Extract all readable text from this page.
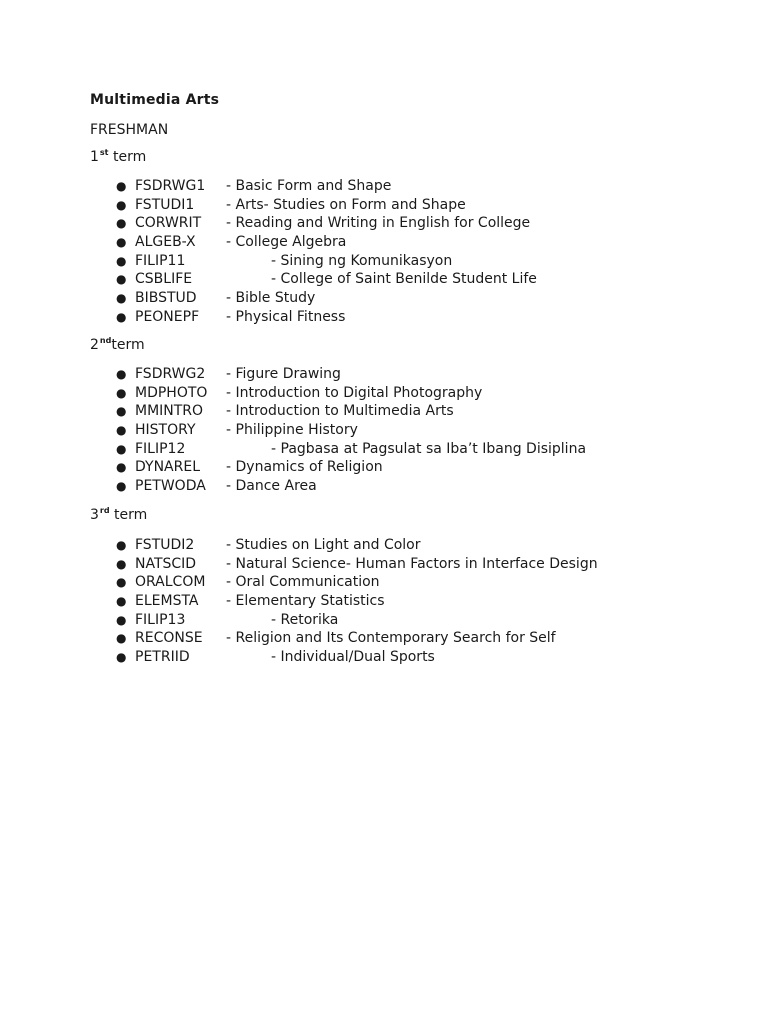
Multimedia Arts
FRESHMAN
1st term
● FSDRWG1 - Basic Form and Shape
● FSTUDI1 - Arts- Studies on Form and Shape
● CORWRIT - Reading and Writing in English for College
● ALGEB-X - College Algebra
● FILIP11	- Sining ng Komunikasyon
● CSBLIFE	- College of Saint Benilde Student Life
● BIBSTUD - Bible Study
● PEONEPF - Physical Fitness
2ndterm
● FSDRWG2 - Figure Drawing
● MDPHOTO - Introduction to Digital Photography
● MMINTRO - Introduction to Multimedia Arts
● HISTORY - Philippine History
● FILIP12	- Pagbasa at Pagsulat sa Iba’t Ibang Disiplina
● DYNAREL - Dynamics of Religion
● PETWODA - Dance Area
3rd term
● FSTUDI2 - Studies on Light and Color
● NATSCID - Natural Science- Human Factors in Interface Design
● ORALCOM - Oral Communication
● ELEMSTA - Elementary Statistics
● FILIP13	- Retorika
● RECONSE - Religion and Its Contemporary Search for Self
● PETRIID	- Individual/Dual Sports
